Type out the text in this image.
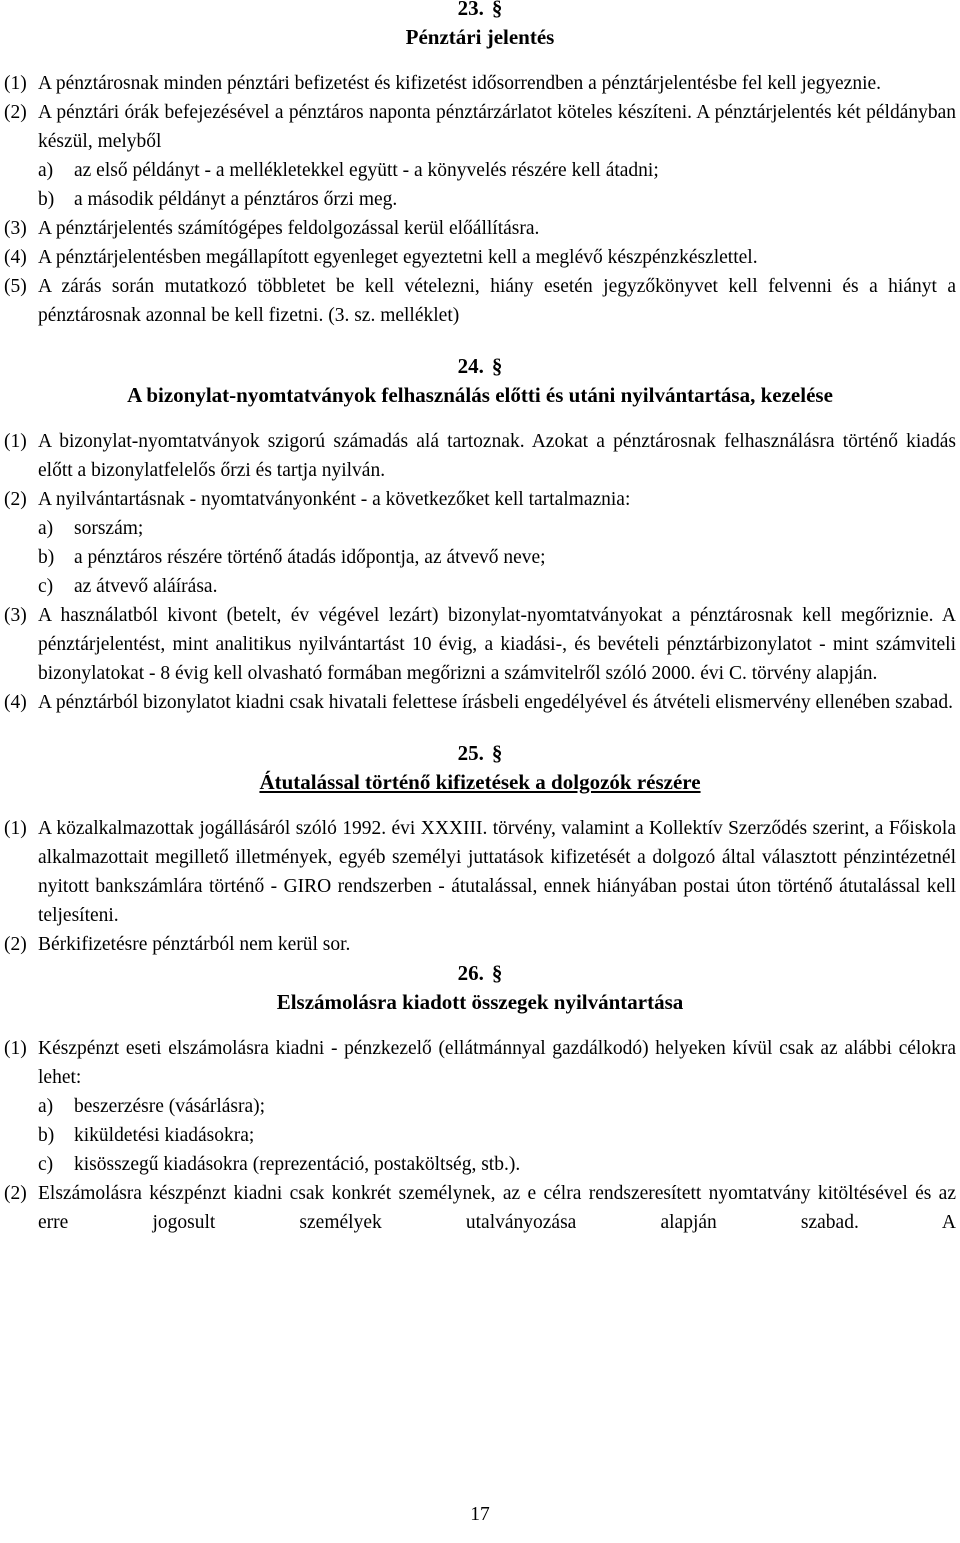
23. §
Pénztári jelentés
(1) A pénztárosnak minden pénztári befizetést és kifizetést idősorrendben a pénztárjelentésbe fel kell jegyeznie.
(2) A pénztári órák befejezésével a pénztáros naponta pénztárzárlatot köteles készíteni. A pénztárjelentés két példányban készül, melyből
a)	az első példányt - a mellékletekkel együtt - a könyvelés részére kell átadni;
b)	a második példányt a pénztáros őrzi meg.
(3) A pénztárjelentés számítógépes feldolgozással kerül előállításra.
(4) A pénztárjelentésben megállapított egyenleget egyeztetni kell a meglévő készpénzkészlettel.
(5) A zárás során mutatkozó többletet be kell vételezni, hiány esetén jegyzőkönyvet kell felvenni és a hiányt a pénztárosnak azonnal be kell fizetni. (3. sz. melléklet)
24. §
A bizonylat-nyomtatványok felhasználás előtti és utáni nyilvántartása, kezelése
(1) A bizonylat-nyomtatványok szigorú számadás alá tartoznak. Azokat a pénztárosnak felhasználásra történő kiadás előtt a bizonylatfelelős őrzi és tartja nyilván.
(2) A nyilvántartásnak - nyomtatványonként - a következőket kell tartalmaznia:
a)	sorszám;
b)	a pénztáros részére történő átadás időpontja, az átvevő neve;
c)	az átvevő aláírása.
(3) A használatból kivont (betelt, év végével lezárt) bizonylat-nyomtatványokat a pénztárosnak kell megőriznie. A pénztárjelentést, mint analitikus nyilvántartást 10 évig, a kiadási-, és bevételi pénztárbizonylatot - mint számviteli bizonylatokat - 8 évig kell olvasható formában megőrizni a számvitelről szóló 2000. évi C. törvény alapján.
(4) A pénztárból bizonylatot kiadni csak hivatali felettese írásbeli engedélyével és átvételi elismervény ellenében szabad.
25. §
Átutalással történő kifizetések a dolgozók részére
(1) A közalkalmazottak jogállásáról szóló 1992. évi XXXIII. törvény, valamint a Kollektív Szerződés szerint, a Főiskola alkalmazottait megillető illetmények, egyéb személyi juttatások kifizetését a dolgozó által választott pénzintézetnél nyitott bankszámlára történő - GIRO rendszerben - átutalással, ennek hiányában postai úton történő átutalással kell teljesíteni.
(2) Bérkifizetésre pénztárból nem kerül sor.
26. §
Elszámolásra kiadott összegek nyilvántartása
(1) Készpénzt eseti elszámolásra kiadni - pénzkezelő (ellátmánnyal gazdálkodó) helyeken kívül csak az alábbi célokra lehet:
a)	beszerzésre (vásárlásra);
b)	kiküldetési kiadásokra;
c)	kisösszegű kiadásokra (reprezentáció, postaköltség, stb.).
(2) Elszámolásra készpénzt kiadni csak konkrét személynek, az e célra rendszeresített nyomtatvány kitöltésével és az erre jogosult személyek utalványozása alapján szabad. A
17
